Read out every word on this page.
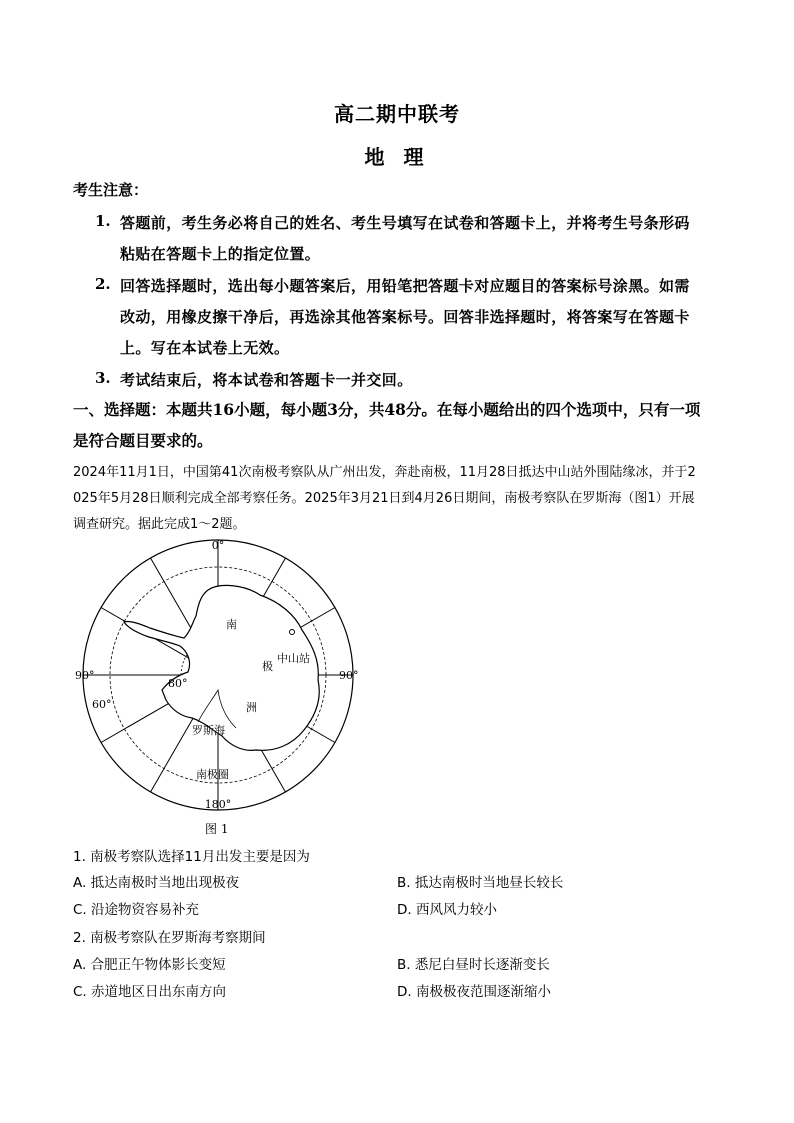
高二期中联考
地 理
考生注意：
1. 答题前，考生务必将自己的姓名、考生号填写在试卷和答题卡上，并将考生号条形码
粘贴在答题卡上的指定位置。
2. 回答选择题时，选出每小题答案后，用铅笔把答题卡对应题目的答案标号涂黑。如需
改动，用橡皮擦干净后，再选涂其他答案标号。回答非选择题时，将答案写在答题卡
上。写在本试卷上无效。
3. 考试结束后，将本试卷和答题卡一并交回。
一、选择题：本题共16小题，每小题3分，共48分。在每小题给出的四个选项中，只有一项
是符合题目要求的。
2024年11月1日，中国第41次南极考察队从广州出发，奔赴南极，11月28日抵达中山站外围陆缘冰，并于2
025年5月28日顺利完成全部考察任务。2025年3月21日到4月26日期间，南极考察队在罗斯海（图1）开展
调查研究。据此完成1～2题。
0°
180°
90°	90°
80°
60°
南
极
洲
中山站
罗斯海
南极圈
图 1
1. 南极考察队选择11月出发主要是因为
A. 抵达南极时当地出现极夜	B. 抵达南极时当地昼长较长
C. 沿途物资容易补充	D. 西风风力较小
2. 南极考察队在罗斯海考察期间
A. 合肥正午物体影长变短	B. 悉尼白昼时长逐渐变长
C. 赤道地区日出东南方向	D. 南极极夜范围逐渐缩小
